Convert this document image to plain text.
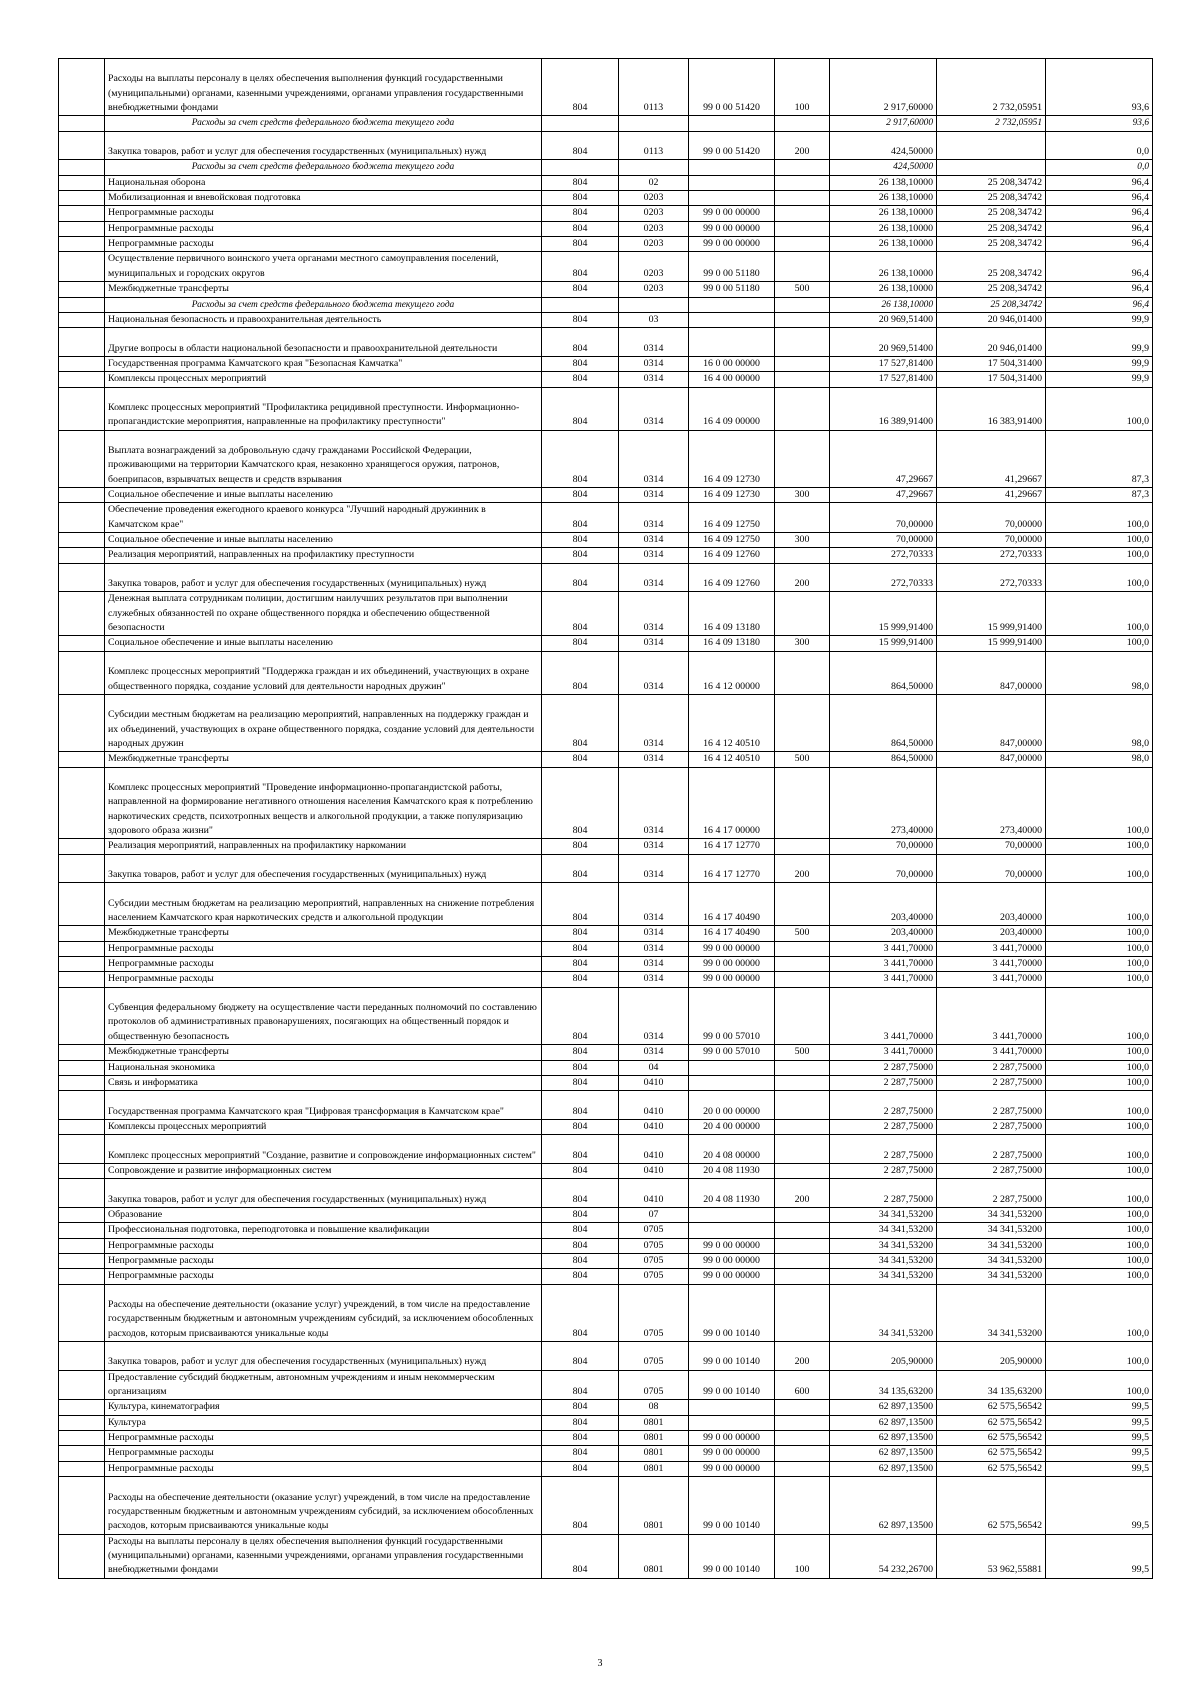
	Расходы на выплаты персоналу в целях обеспечения выполнения функций государственными (муниципальными) органами, казенными учреждениями, органами управления государственными внебюджетными фондами	804	0113	99 0 00 51420	100	2 917,60000	2 732,05951	93,6
	Расходы за счет средств федерального бюджета текущего года					2 917,60000	2 732,05951	93,6
	Закупка товаров, работ и услуг для обеспечения государственных (муниципальных) нужд	804	0113	99 0 00 51420	200	424,50000		0,0
	Расходы за счет средств федерального бюджета текущего года					424,50000		0,0
	Национальная оборона	804	02			26 138,10000	25 208,34742	96,4
	Мобилизационная и вневойсковая подготовка	804	0203			26 138,10000	25 208,34742	96,4
	Непрограммные расходы	804	0203	99 0 00 00000		26 138,10000	25 208,34742	96,4
	Непрограммные расходы	804	0203	99 0 00 00000		26 138,10000	25 208,34742	96,4
	Непрограммные расходы	804	0203	99 0 00 00000		26 138,10000	25 208,34742	96,4
	Осуществление первичного воинского учета органами местного самоуправления поселений, муниципальных и городских округов	804	0203	99 0 00 51180		26 138,10000	25 208,34742	96,4
	Межбюджетные трансферты	804	0203	99 0 00 51180	500	26 138,10000	25 208,34742	96,4
	Расходы за счет средств федерального бюджета текущего года					26 138,10000	25 208,34742	96,4
	Национальная безопасность и правоохранительная деятельность	804	03			20 969,51400	20 946,01400	99,9
	Другие вопросы в области национальной безопасности и правоохранительной деятельности	804	0314			20 969,51400	20 946,01400	99,9
	Государственная программа Камчатского края "Безопасная Камчатка"	804	0314	16 0 00 00000		17 527,81400	17 504,31400	99,9
	Комплексы процессных мероприятий	804	0314	16 4 00 00000		17 527,81400	17 504,31400	99,9
	Комплекс процессных мероприятий "Профилактика рецидивной преступности. Информационно-пропагандистские мероприятия, направленные на профилактику преступности"	804	0314	16 4 09 00000		16 389,91400	16 383,91400	100,0
	Выплата вознаграждений за добровольную сдачу гражданами Российской Федерации, проживающими на территории Камчатского края, незаконно хранящегося оружия, патронов, боеприпасов, взрывчатых веществ и средств взрывания	804	0314	16 4 09 12730		47,29667	41,29667	87,3
	Социальное обеспечение и иные выплаты населению	804	0314	16 4 09 12730	300	47,29667	41,29667	87,3
	Обеспечение проведения ежегодного краевого конкурса "Лучший народный дружинник в Камчатском крае"	804	0314	16 4 09 12750		70,00000	70,00000	100,0
	Социальное обеспечение и иные выплаты населению	804	0314	16 4 09 12750	300	70,00000	70,00000	100,0
	Реализация мероприятий, направленных на профилактику преступности	804	0314	16 4 09 12760		272,70333	272,70333	100,0
	Закупка товаров, работ и услуг для обеспечения государственных (муниципальных) нужд	804	0314	16 4 09 12760	200	272,70333	272,70333	100,0
	Денежная выплата сотрудникам полиции, достигшим наилучших результатов при выполнении служебных обязанностей по охране общественного порядка и обеспечению общественной безопасности	804	0314	16 4 09 13180		15 999,91400	15 999,91400	100,0
	Социальное обеспечение и иные выплаты населению	804	0314	16 4 09 13180	300	15 999,91400	15 999,91400	100,0
	Комплекс процессных мероприятий "Поддержка граждан и их объединений, участвующих в охране общественного порядка, создание условий для деятельности народных дружин"	804	0314	16 4 12 00000		864,50000	847,00000	98,0
	Субсидии местным бюджетам на реализацию мероприятий, направленных на поддержку граждан и их объединений, участвующих в охране общественного порядка, создание условий для деятельности народных дружин	804	0314	16 4 12 40510		864,50000	847,00000	98,0
	Межбюджетные трансферты	804	0314	16 4 12 40510	500	864,50000	847,00000	98,0
	Комплекс процессных мероприятий "Проведение информационно-пропагандистской работы, направленной на формирование негативного отношения населения Камчатского края к потреблению наркотических средств, психотропных веществ и алкогольной продукции, а также популяризацию здорового образа жизни"	804	0314	16 4 17 00000		273,40000	273,40000	100,0
	Реализация мероприятий, направленных на профилактику наркомании	804	0314	16 4 17 12770		70,00000	70,00000	100,0
	Закупка товаров, работ и услуг для обеспечения государственных (муниципальных) нужд	804	0314	16 4 17 12770	200	70,00000	70,00000	100,0
	Субсидии местным бюджетам на реализацию мероприятий, направленных на снижение потребления населением Камчатского края наркотических средств и алкогольной продукции	804	0314	16 4 17 40490		203,40000	203,40000	100,0
	Межбюджетные трансферты	804	0314	16 4 17 40490	500	203,40000	203,40000	100,0
	Непрограммные расходы	804	0314	99 0 00 00000		3 441,70000	3 441,70000	100,0
	Непрограммные расходы	804	0314	99 0 00 00000		3 441,70000	3 441,70000	100,0
	Непрограммные расходы	804	0314	99 0 00 00000		3 441,70000	3 441,70000	100,0
	Субвенция федеральному бюджету на осуществление части переданных полномочий по составлению протоколов об административных правонарушениях, посягающих на общественный порядок и общественную безопасность	804	0314	99 0 00 57010		3 441,70000	3 441,70000	100,0
	Межбюджетные трансферты	804	0314	99 0 00 57010	500	3 441,70000	3 441,70000	100,0
	Национальная экономика	804	04			2 287,75000	2 287,75000	100,0
	Связь и информатика	804	0410			2 287,75000	2 287,75000	100,0
	Государственная программа Камчатского края "Цифровая трансформация в Камчатском крае"	804	0410	20 0 00 00000		2 287,75000	2 287,75000	100,0
	Комплексы процессных мероприятий	804	0410	20 4 00 00000		2 287,75000	2 287,75000	100,0
	Комплекс процессных мероприятий "Создание, развитие и сопровождение информационных систем"	804	0410	20 4 08 00000		2 287,75000	2 287,75000	100,0
	Сопровождение и развитие информационных систем	804	0410	20 4 08 11930		2 287,75000	2 287,75000	100,0
	Закупка товаров, работ и услуг для обеспечения государственных (муниципальных) нужд	804	0410	20 4 08 11930	200	2 287,75000	2 287,75000	100,0
	Образование	804	07			34 341,53200	34 341,53200	100,0
	Профессиональная подготовка, переподготовка и повышение квалификации	804	0705			34 341,53200	34 341,53200	100,0
	Непрограммные расходы	804	0705	99 0 00 00000		34 341,53200	34 341,53200	100,0
	Непрограммные расходы	804	0705	99 0 00 00000		34 341,53200	34 341,53200	100,0
	Непрограммные расходы	804	0705	99 0 00 00000		34 341,53200	34 341,53200	100,0
	Расходы на обеспечение деятельности (оказание услуг) учреждений, в том числе на предоставление государственным бюджетным и автономным учреждениям субсидий, за исключением обособленных расходов, которым присваиваются уникальные коды	804	0705	99 0 00 10140		34 341,53200	34 341,53200	100,0
	Закупка товаров, работ и услуг для обеспечения государственных (муниципальных) нужд	804	0705	99 0 00 10140	200	205,90000	205,90000	100,0
	Предоставление субсидий бюджетным, автономным учреждениям и иным некоммерческим организациям	804	0705	99 0 00 10140	600	34 135,63200	34 135,63200	100,0
	Культура, кинематография	804	08			62 897,13500	62 575,56542	99,5
	Культура	804	0801			62 897,13500	62 575,56542	99,5
	Непрограммные расходы	804	0801	99 0 00 00000		62 897,13500	62 575,56542	99,5
	Непрограммные расходы	804	0801	99 0 00 00000		62 897,13500	62 575,56542	99,5
	Непрограммные расходы	804	0801	99 0 00 00000		62 897,13500	62 575,56542	99,5
	Расходы на обеспечение деятельности (оказание услуг) учреждений, в том числе на предоставление государственным бюджетным и автономным учреждениям субсидий, за исключением обособленных расходов, которым присваиваются уникальные коды	804	0801	99 0 00 10140		62 897,13500	62 575,56542	99,5
	Расходы на выплаты персоналу в целях обеспечения выполнения функций государственными (муниципальными) органами, казенными учреждениями, органами управления государственными внебюджетными фондами	804	0801	99 0 00 10140	100	54 232,26700	53 962,55881	99,5
3
